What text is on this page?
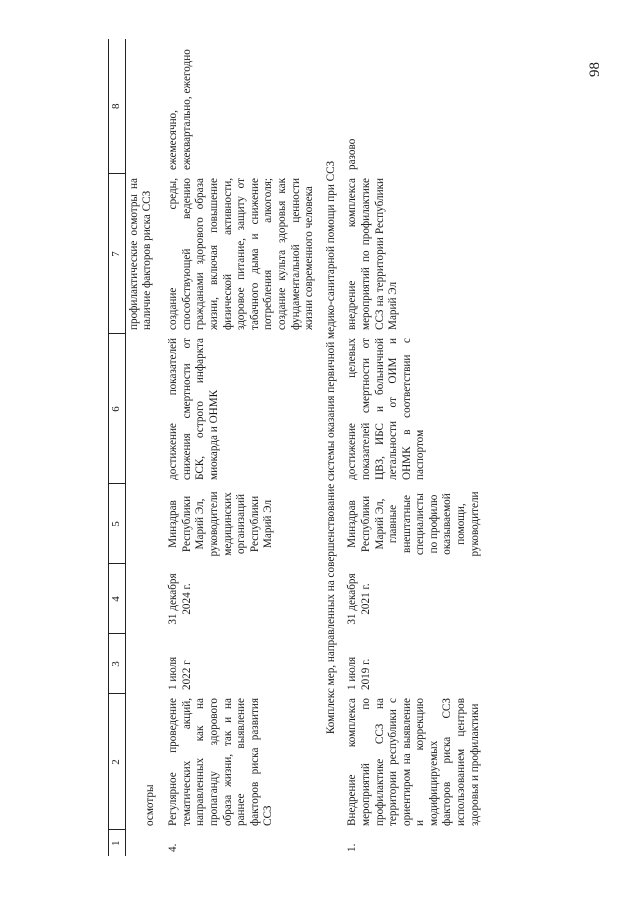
98
1	2	3	4	5	6	7	8
	осмотры					профилактические осмотры на наличие факторов риска ССЗ	

4.	Регулярное проведение тематических акций, направленных как на пропаганду здорового образа жизни, так и на раннее выявление факторов риска развития ССЗ	1 июля 2022 г	31 декабря 2024 г.	Минздрав Республики Марий Эл, руководители медицинских организаций Республики Марий Эл	достижение показателей снижения смертности от БСК, острого инфаркта миокарда и ОНМК	создание среды, способствующей ведению гражданами здорового образа жизни, включая повышение физической активности, здоровое питание, защиту от табачного дыма и снижение потребления алкоголя; создание культа здоровья как фундаментальной ценности жизни современного человека	ежемесячно, ежеквартально, ежегодно
Комплекс мер, направленных на совершенствование системы оказания первичной медико-санитарной помощи при ССЗ							
1.	Внедрение комплекса мероприятий по профилактике ССЗ на территории республики с ориентиром на выявление и коррекцию модифицируемых факторов риска ССЗ использованием центров здоровья и профилактики	1 июля 2019 г.	31 декабря 2021 г.	Минздрав Республики Марий Эл, главные внештатные специалисты по профилю оказываемой помощи, руководители	достижение целевых показателей смертности от ЦВЗ, ИБС и больничной летальности от ОИМ и ОНМК в соответствии с паспортом	внедрение комплекса мероприятий по профилактике ССЗ на территории Республики Марий Эл	разово
